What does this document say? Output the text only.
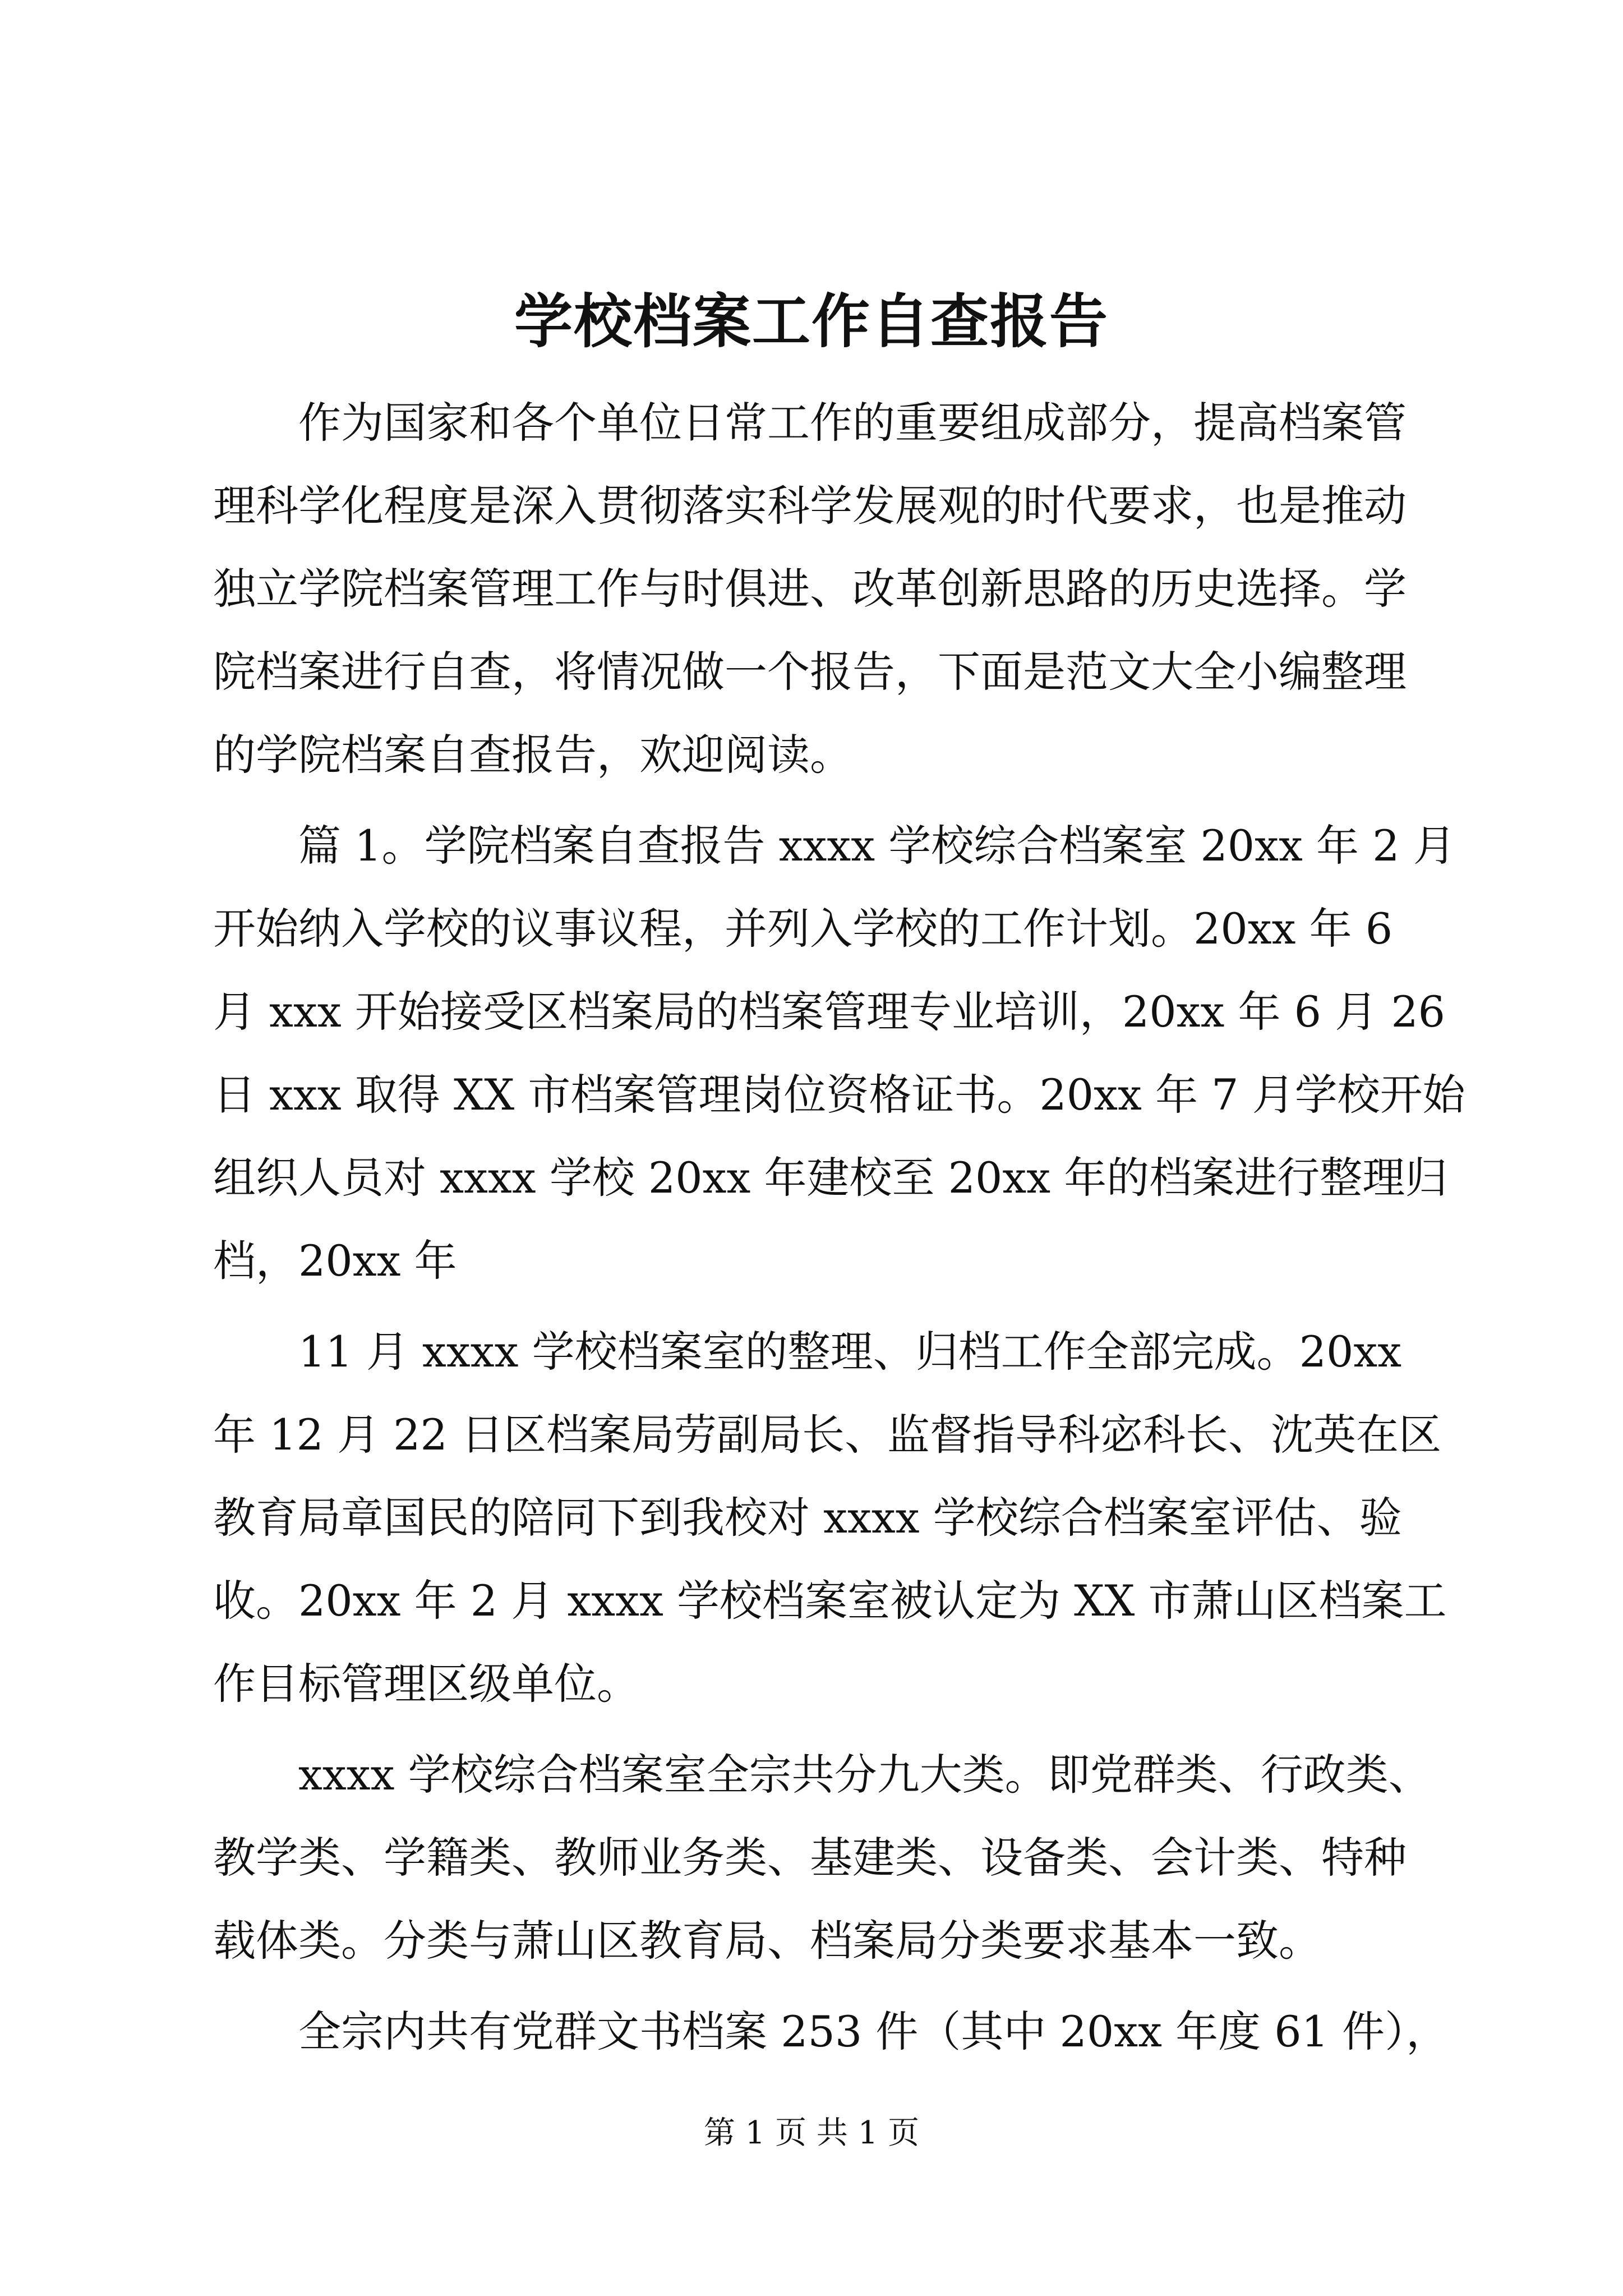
学校档案工作自查报告
作为国家和各个单位日常工作的重要组成部分，提高档案管
理科学化程度是深入贯彻落实科学发展观的时代要求，也是推动
独立学院档案管理工作与时俱进、改革创新思路的历史选择。学
院档案进行自查，将情况做一个报告，下面是范文大全小编整理
的学院档案自查报告，欢迎阅读。
篇 1。学院档案自查报告 xxxx 学校综合档案室 20xx 年 2 月
开始纳入学校的议事议程，并列入学校的工作计划。20xx 年 6
月 xxx 开始接受区档案局的档案管理专业培训，20xx 年 6 月 26
日 xxx 取得 XX 市档案管理岗位资格证书。20xx 年 7 月学校开始
组织人员对 xxxx 学校 20xx 年建校至 20xx 年的档案进行整理归
档，20xx 年
11 月 xxxx 学校档案室的整理、归档工作全部完成。20xx
年 12 月 22 日区档案局劳副局长、监督指导科宓科长、沈英在区
教育局章国民的陪同下到我校对 xxxx 学校综合档案室评估、验
收。20xx 年 2 月 xxxx 学校档案室被认定为 XX 市萧山区档案工
作目标管理区级单位。
xxxx 学校综合档案室全宗共分九大类。即党群类、行政类、
教学类、学籍类、教师业务类、基建类、设备类、会计类、特种
载体类。分类与萧山区教育局、档案局分类要求基本一致。
全宗内共有党群文书档案 253 件（其中 20xx 年度 61 件），
第 1 页 共 1 页
